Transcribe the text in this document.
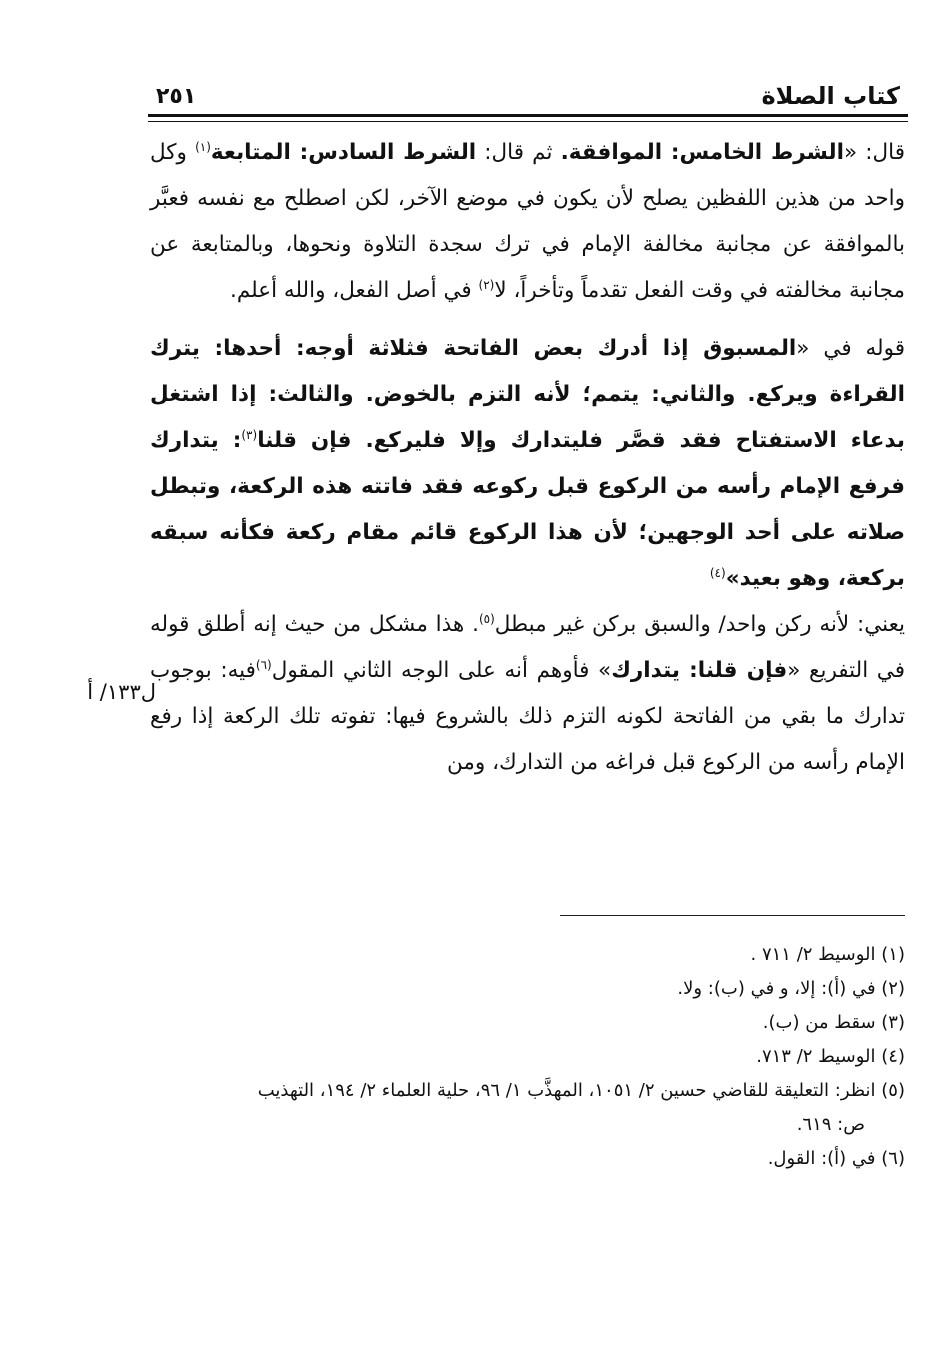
كتاب الصلاة
٢٥١

قال: «الشرط الخامس: الموافقة. ثم قال: الشرط السادس: المتابعة$^{(١)}$ وكل واحد من هذين اللفظين يصلح لأن يكون في موضع الآخر، لكن اصطلح مع نفسه فعبَّر بالموافقة عن مجانبة مخالفة الإمام في ترك سجدة التلاوة ونحوها، وبالمتابعة عن مجانبة مخالفته في وقت الفعل تقدماً وتأخراً، لا$^{(٢)}$ في أصل الفعل، والله أعلم.

قوله في «المسبوق إذا أدرك بعض الفاتحة فثلاثة أوجه: أحدها: يترك القراءة ويركع. والثاني: يتمم؛ لأنه التزم بالخوض. والثالث: إذا اشتغل بدعاء الاستفتاح فقد قصَّر فليتدارك وإلا فليركع. فإن قلنا$^{(٣)}$: يتدارك فرفع الإمام رأسه من الركوع قبل ركوعه فقد فاتته هذه الركعة، وتبطل صلاته على أحد الوجهين؛ لأن هذا الركوع قائم مقام ركعة فكأنه سبقه بركعة، وهو بعيد»$^{(٤)}$

يعني: لأنه ركن واحد/ والسبق بركن غير مبطل$^{(٥)}$. هذا مشكل من حيث إنه أطلق قوله في التفريع «فإن قلنا: يتدارك» فأوهم أنه على الوجه الثاني المقول$^{(٦)}$فيه: بوجوب تدارك ما بقي من الفاتحة لكونه التزم ذلك بالشروع فيها: تفوته تلك الركعة إذا رفع الإمام رأسه من الركوع قبل فراغه من التدارك، ومن

ل١٣٣/ أ

(١) الوسيط ٢/ ٧١١ .

(٢) في (أ): إلا، و في (ب): ولا.

(٣) سقط من (ب).

(٤) الوسيط ٢/ ٧١٣.

(٥) انظر: التعليقة للقاضي حسين ٢/ ١٠٥١، المهذَّب ١/ ٩٦، حلية العلماء ٢/ ١٩٤، التهذيب

ص: ٦١٩.

(٦) في (أ): القول.
